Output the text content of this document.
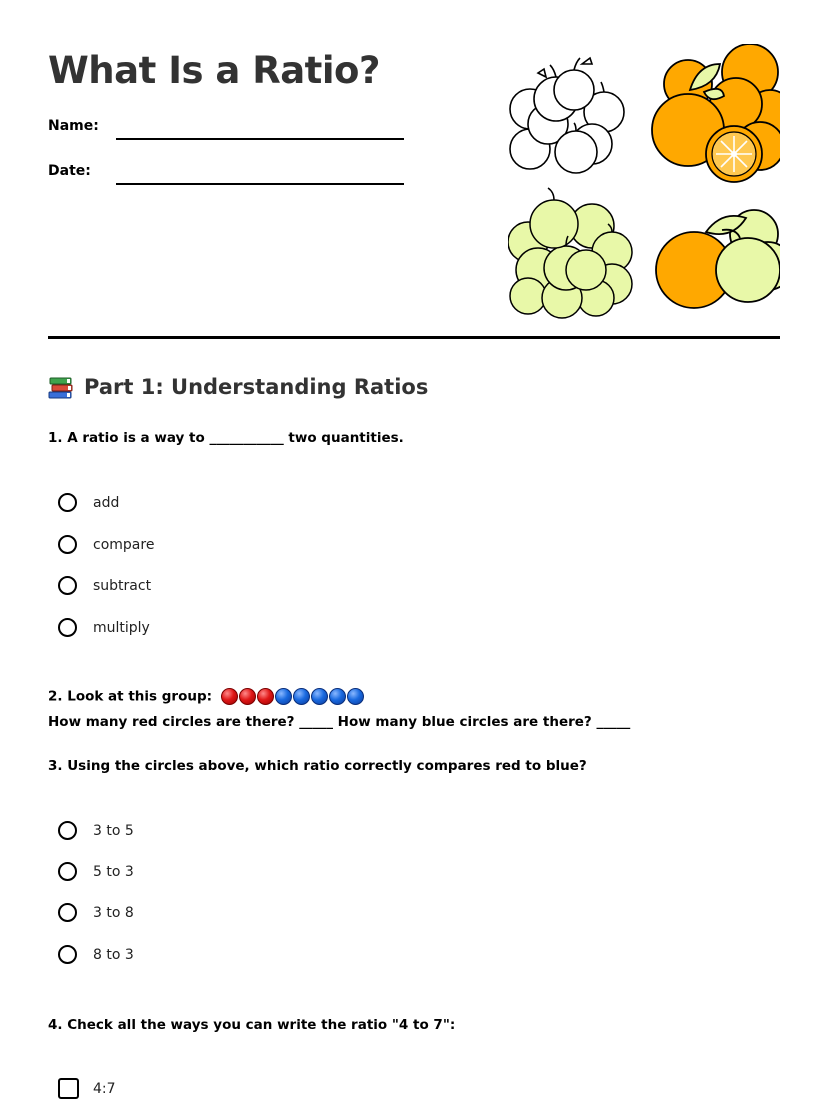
What Is a Ratio?
Name:
Date:
Part 1: Understanding Ratios
1. A ratio is a way to ___________ two quantities.
add
compare
subtract
multiply
2. Look at this group:
How many red circles are there? _____ How many blue circles are there? _____
3. Using the circles above, which ratio correctly compares red to blue?
3 to 5
5 to 3
3 to 8
8 to 3
4. Check all the ways you can write the ratio "4 to 7":
4:7
